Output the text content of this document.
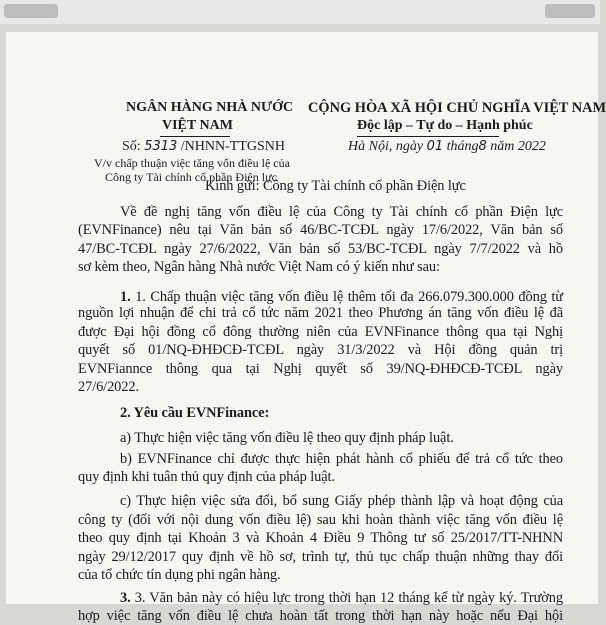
NGÂN HÀNG NHÀ NƯỚC
VIỆT NAM
Số: 5313 /NHNN-TTGSNH
V/v chấp thuận việc tăng vốn điều lệ của
Công ty Tài chính cổ phần Điện lực
CỘNG HÒA XÃ HỘI CHỦ NGHĨA VIỆT NAM
Độc lập – Tự do – Hạnh phúc
Hà Nội, ngày 01 tháng8 năm 2022
Kính gửi: Công ty Tài chính cổ phần Điện lực
Về đề nghị tăng vốn điều lệ của Công ty Tài chính cổ phần Điện lực
(EVNFinance) nêu tại Văn bản số 46/BC-TCĐL ngày 17/6/2022, Văn bản số
47/BC-TCĐL ngày 27/6/2022, Văn bản số 53/BC-TCĐL ngày 7/7/2022 và hồ
sơ kèm theo, Ngân hàng Nhà nước Việt Nam có ý kiến như sau:
1. 1. Chấp thuận việc tăng vốn điều lệ thêm tối đa 266.079.300.000 đồng từ
nguồn lợi nhuận để chi trả cổ tức năm 2021 theo Phương án tăng vốn điều lệ đã
được Đại hội đồng cổ đông thường niên của EVNFinance thông qua tại Nghị
quyết số 01/NQ-ĐHĐCĐ-TCĐL ngày 31/3/2022 và Hội đồng quản trị
EVNFiannce thông qua tại Nghị quyết số 39/NQ-ĐHĐCĐ-TCĐL ngày
27/6/2022.
2. Yêu cầu EVNFinance:
a) Thực hiện việc tăng vốn điều lệ theo quy định pháp luật.
b) EVNFinance chỉ được thực hiện phát hành cổ phiếu để trả cổ tức theo
quy định khi tuân thủ quy định của pháp luật.
c) Thực hiện việc sửa đổi, bổ sung Giấy phép thành lập và hoạt động của
công ty (đối với nội dung vốn điều lệ) sau khi hoàn thành việc tăng vốn điều lệ
theo quy định tại Khoản 3 và Khoản 4 Điều 9 Thông tư số 25/2017/TT-NHNN
ngày 29/12/2017 quy định về hồ sơ, trình tự, thủ tục chấp thuận những thay đổi
của tổ chức tín dụng phi ngân hàng.
3. 3. Văn bản này có hiệu lực trong thời hạn 12 tháng kể từ ngày ký. Trường
hợp việc tăng vốn điều lệ chưa hoàn tất trong thời hạn này hoặc nếu Đại hội
